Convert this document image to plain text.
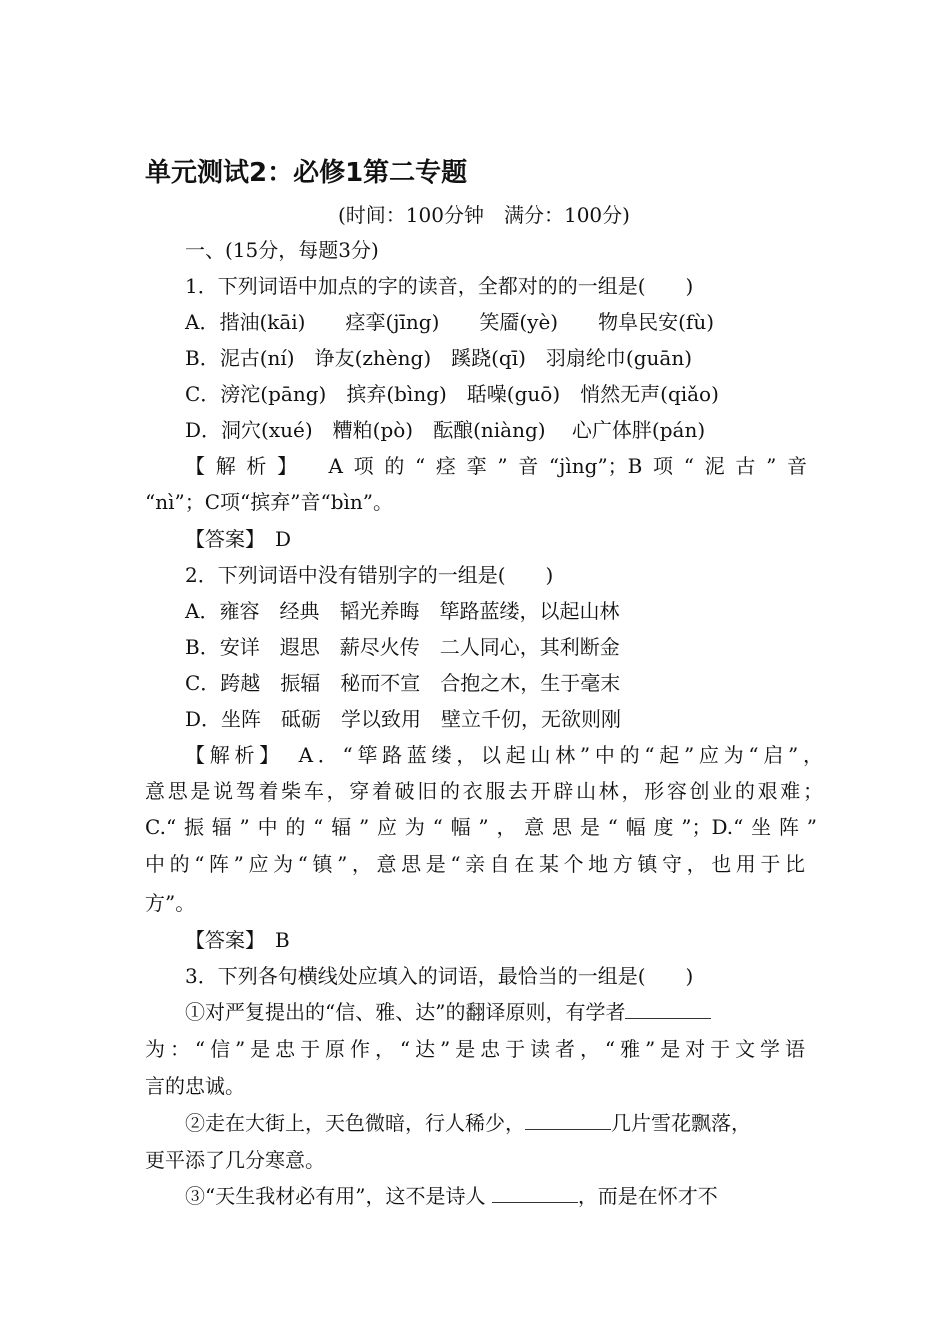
单元测试2：必修1第二专题
(时间：100分钟　满分：100分)
一、(15分，每题3分)
1．下列词语中加点的字的读音，全都对的的一组是(　　)
A．揩油(kāi)　　痉挛(jīng)　　笑靥(yè)　　物阜民安(fù)
B．泥古(ní)　诤友(zhèng)　蹊跷(qī)　羽扇纶巾(guān)
C．滂沱(pāng)　摈弃(bìng)　聒噪(guō)　悄然无声(qiǎo)
D．洞穴(xué)　糟粕(pò)　酝酿(niàng)　 心广体胖(pán)
【解析】　A项的“痉挛”音“jìng”；B项“泥古”音
“nì”；C项“摈弃”音“bìn”。
【答案】　D
2．下列词语中没有错别字的一组是(　　)
A．雍容　经典　韬光养晦　筚路蓝缕，以起山林
B．安详　遐思　薪尽火传　二人同心，其利断金
C．跨越　振辐　秘而不宣　合抱之木，生于毫末
D．坐阵　砥砺　学以致用　壁立千仞，无欲则刚
【解析】　A．“筚路蓝缕，以起山林”中的“起”应为“启”，
意思是说驾着柴车，穿着破旧的衣服去开辟山林，形容创业的艰难；
C.“振辐”中的“辐”应为“幅”，意思是“幅度”；D.“坐阵”
中的“阵”应为“镇”，意思是“亲自在某个地方镇守，也用于比
方”。
【答案】　B
3．下列各句横线处应填入的词语，最恰当的一组是(　　)
①对严复提出的“信、雅、达”的翻译原则，有学者
为：“信”是忠于原作，“达”是忠于读者，“雅”是对于文学语
言的忠诚。
②走在大街上，天色微暗，行人稀少，	几片雪花飘落，
更平添了几分寒意。
③“天生我材必有用”，这不是诗人	，而是在怀才不
